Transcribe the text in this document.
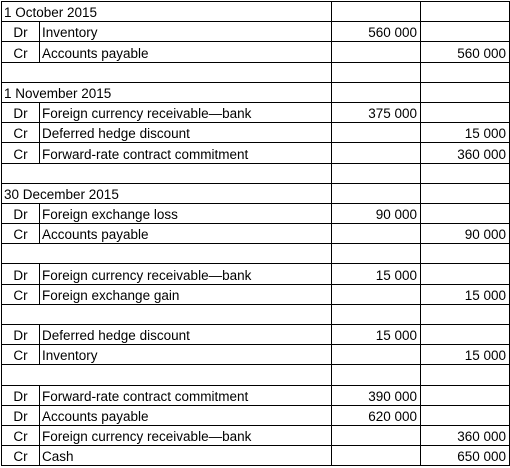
1 October 2015			
Dr	Inventory	560 000	
Cr	Accounts payable		560 000

1 November 2015			
Dr	Foreign currency receivable—bank	375 000	
Cr	Deferred hedge discount		15 000
Cr	Forward-rate contract commitment		360 000

30 December 2015			
Dr	Foreign exchange loss	90 000	
Cr	Accounts payable		90 000

Dr	Foreign currency receivable—bank	15 000	
Cr	Foreign exchange gain		15 000

Dr	Deferred hedge discount	15 000	
Cr	Inventory		15 000

Dr	Forward-rate contract commitment	390 000	
Dr	Accounts payable	620 000	
Cr	Foreign currency receivable—bank		360 000
Cr	Cash		650 000
